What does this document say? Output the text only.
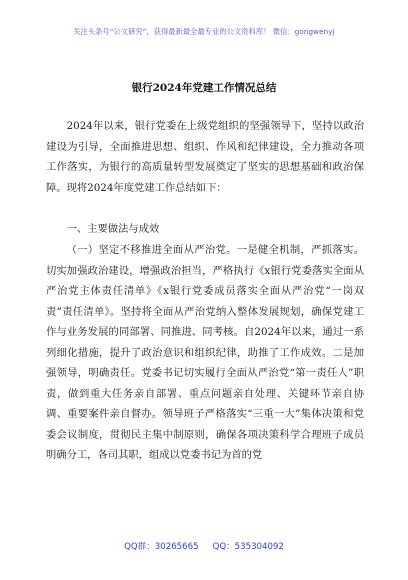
关注头条号“公文研究”，获得最新最全最专业的公文资料库！ 微信：gongwenyj
银行2024年党建工作情况总结

2024年以来，银行党委在上级党组织的坚强领导下，坚持以政治建设为引导，全面推进思想、组织、作风和纪律建设，全力推动各项工作落实，为银行的高质量转型发展奠定了坚实的思想基础和政治保障。现将2024年度党建工作总结如下：

一、主要做法与成效

（一）坚定不移推进全面从严治党。一是健全机制，严抓落实。切实加强政治建设，增强政治担当，严格执行《x银行党委落实全面从严治党主体责任清单》《x银行党委成员落实全面从严治党“一岗双责”责任清单》。坚持将全面从严治党纳入整体发展规划，确保党建工作与业务发展的同部署、同推进、同考核。自2024年以来，通过一系列细化措施，提升了政治意识和组织纪律，助推了工作成效。二是加强领导，明确责任。党委书记切实履行全面从严治党“第一责任人”职责，做到重大任务亲自部署、重点问题亲自处理、关键环节亲自协调、重要案件亲自督办。领导班子严格落实“三重一大”集体决策和党委会议制度，贯彻民主集中制原则，确保各项决策科学合理班子成员明确分工，各司其职，组成以党委书记为首的党

QQ群：30265665 QQ：535304092
